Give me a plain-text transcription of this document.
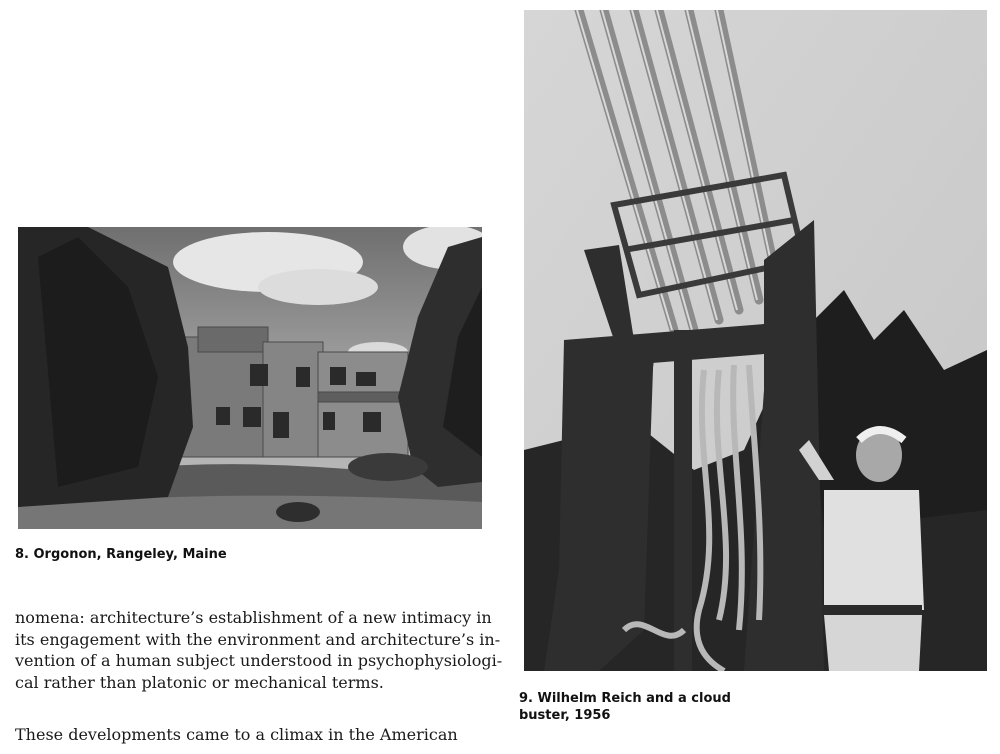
8. Orgonon, Rangeley, Maine
9. Wilhelm Reich and a cloud
buster, 1956
nomena: architecture’s establishment of a new intimacy in
its engagement with the environment and architecture’s in-
vention of a human subject understood in psychophysiologi-
cal rather than platonic or mechanical terms.
These developments came to a climax in the American
